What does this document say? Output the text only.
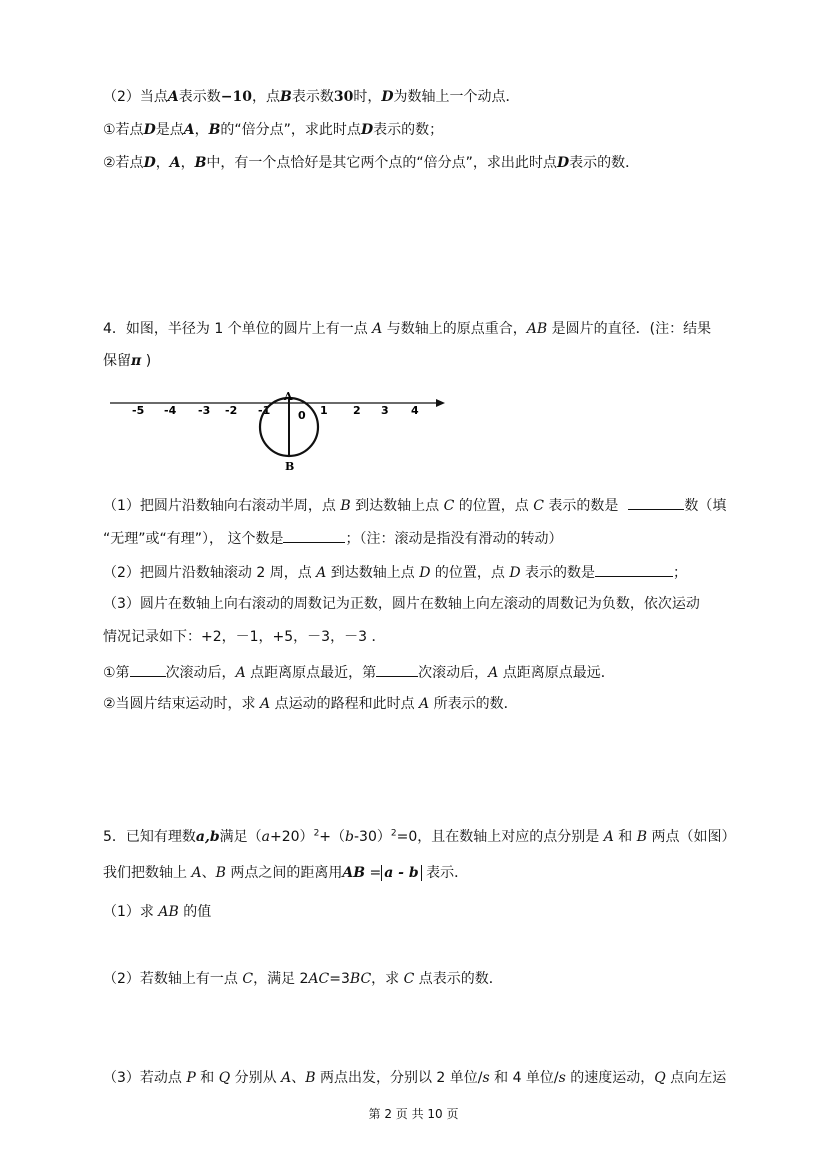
（2）当点A表示数−10，点B表示数30时，D为数轴上一个动点．
①若点D是点A，B的“倍分点”，求此时点D表示的数；
②若点D，A，B中，有一个点恰好是其它两个点的“倍分点”，求出此时点D表示的数．
4．如图，半径为 1 个单位的圆片上有一点 A 与数轴上的原点重合，AB 是圆片的直径．(注：结果
保留π )
-5 -4 -3 -2 -1	0 1 2 3 4
A
B
（1）把圆片沿数轴向右滚动半周，点 B 到达数轴上点 C 的位置，点 C 表示的数是	数（填
“无理”或“有理”）， 这个数是	；（注：滚动是指没有滑动的转动）
（2）把圆片沿数轴滚动 2 周，点 A 到达数轴上点 D 的位置，点 D 表示的数是	；
（3）圆片在数轴上向右滚动的周数记为正数，圆片在数轴上向左滚动的周数记为负数，依次运动
情况记录如下：+2，－1，+5，－3，－3 ．
①第	次滚动后，A 点距离原点最近，第	次滚动后，A 点距离原点最远．
②当圆片结束运动时，求 A 点运动的路程和此时点 A 所表示的数．
5．已知有理数a,b满足$(a+20)^2+(b-30)^2=0$，且在数轴上对应的点分别是 A 和 B 两点（如图）
我们把数轴上 A、B 两点之间的距离用AB = a - b 表示．
（1）求 AB 的值
（2）若数轴上有一点 C，满足 2AC=3BC，求 C 点表示的数．
（3）若动点 P 和 Q 分别从 A、B 两点出发，分别以 2 单位/s 和 4 单位/s 的速度运动，Q 点向左运
第 2 页 共 10 页
